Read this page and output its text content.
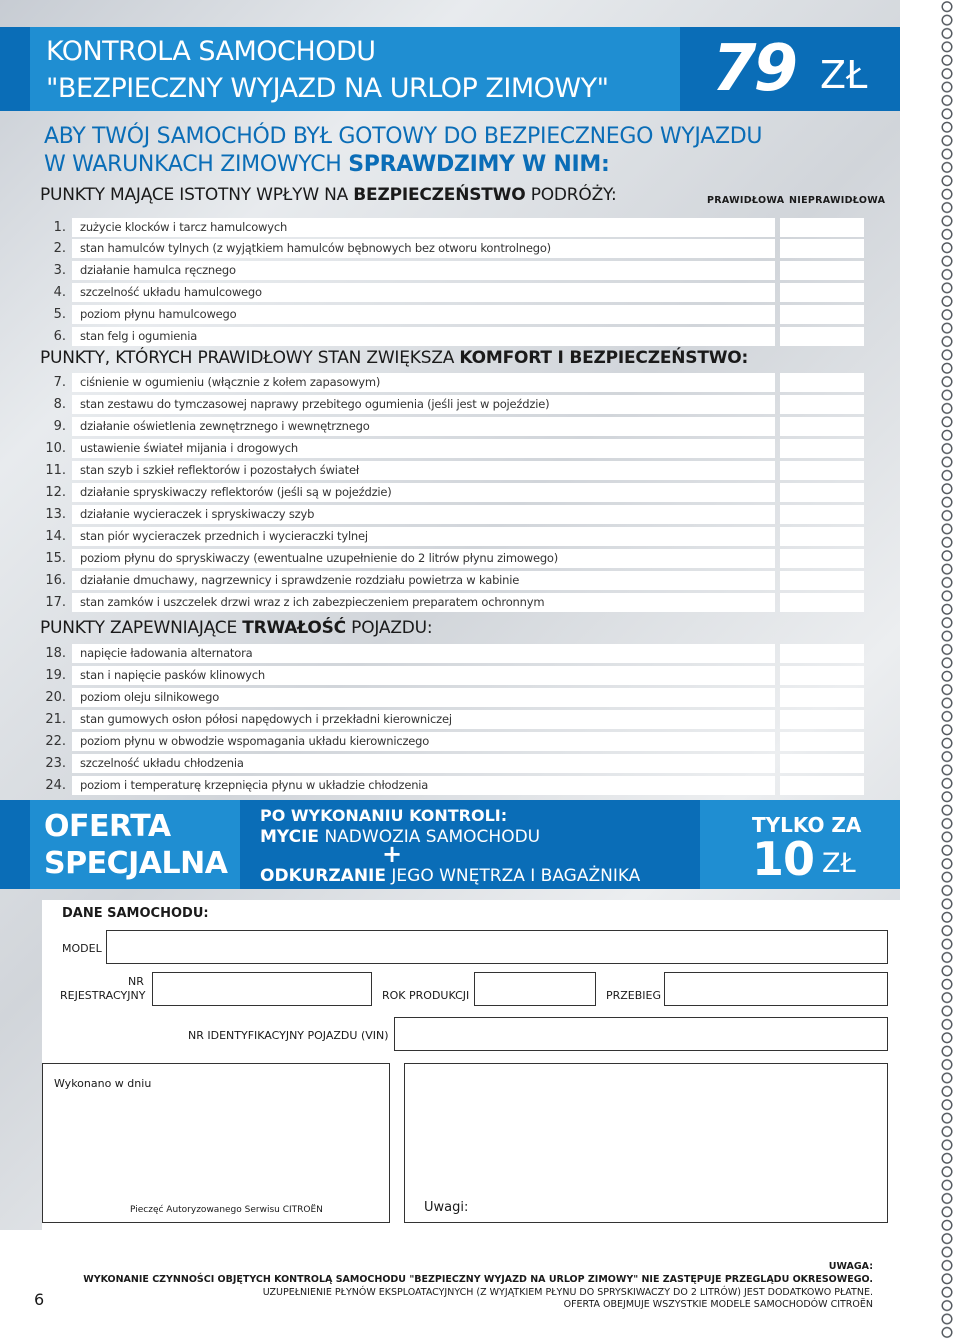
KONTROLA SAMOCHODU
"BEZPIECZNY WYJAZD NA URLOP ZIMOWY"	79 ZŁ
ABY TWÓJ SAMOCHÓD BYŁ GOTOWY DO BEZPIECZNEGO WYJAZDU
W WARUNKACH ZIMOWYCH SPRAWDZIMY W NIM:
PRAWIDŁOWA NIEPRAWIDŁOWA
PUNKTY MAJĄCE ISTOTNY WPŁYW NA BEZPIECZEŃSTWO PODRÓŻY:
1.	zużycie klocków i tarcz hamulcowych
2.	stan hamulców tylnych (z wyjątkiem hamulców bębnowych bez otworu kontrolnego)
3.	działanie hamulca ręcznego
4.	szczelność układu hamulcowego
5.	poziom płynu hamulcowego
6.	stan felg i ogumienia
PUNKTY, KTÓRYCH PRAWIDŁOWY STAN ZWIĘKSZA KOMFORT I BEZPIECZEŃSTWO:
7.	ciśnienie w ogumieniu (włącznie z kołem zapasowym)
8.	stan zestawu do tymczasowej naprawy przebitego ogumienia (jeśli jest w pojeździe)
9.	działanie oświetlenia zewnętrznego i wewnętrznego
10.	ustawienie świateł mijania i drogowych
11.	stan szyb i szkieł reflektorów i pozostałych świateł
12.	działanie spryskiwaczy reflektorów (jeśli są w pojeździe)
13.	działanie wycieraczek i spryskiwaczy szyb
14.	stan piór wycieraczek przednich i wycieraczki tylnej
15.	poziom płynu do spryskiwaczy (ewentualne uzupełnienie do 2 litrów płynu zimowego)
16.	działanie dmuchawy, nagrzewnicy i sprawdzenie rozdziału powietrza w kabinie
17.	stan zamków i uszczelek drzwi wraz z ich zabezpieczeniem preparatem ochronnym
PUNKTY ZAPEWNIAJĄCE TRWAŁOŚĆ POJAZDU:
18.	napięcie ładowania alternatora
19.	stan i napięcie pasków klinowych
20.	poziom oleju silnikowego
21.	stan gumowych osłon półosi napędowych i przekładni kierowniczej
22.	poziom płynu w obwodzie wspomagania układu kierowniczego
23.	szczelność układu chłodzenia
24.	poziom i temperaturę krzepnięcia płynu w układzie chłodzenia
OFERTA
SPECJALNA
PO WYKONANIU KONTROLI:
MYCIE NADWOZIA SAMOCHODU
+
ODKURZANIE JEGO WNĘTRZA I BAGAŻNIKA
TYLKO ZA
10 ZŁ
DANE SAMOCHODU:
MODEL
NR
REJESTRACYJNY	ROK PRODUKCJI	PRZEBIEG
NR IDENTYFIKACYJNY POJAZDU (VIN)
Wykonano w dniu
Pieczęć Autoryzowanego Serwisu CITROËN	Uwagi:
6
UWAGA:
WYKONANIE CZYNNOŚCI OBJĘTYCH KONTROLĄ SAMOCHODU "BEZPIECZNY WYJAZD NA URLOP ZIMOWY" NIE ZASTĘPUJE PRZEGLĄDU OKRESOWEGO.
UZUPEŁNIENIE PŁYNÓW EKSPLOATACYJNYCH (Z WYJĄTKIEM PŁYNU DO SPRYSKIWACZY DO 2 LITRÓW) JEST DODATKOWO PŁATNE.
OFERTA OBEJMUJE WSZYSTKIE MODELE SAMOCHODÓW CITROËN
